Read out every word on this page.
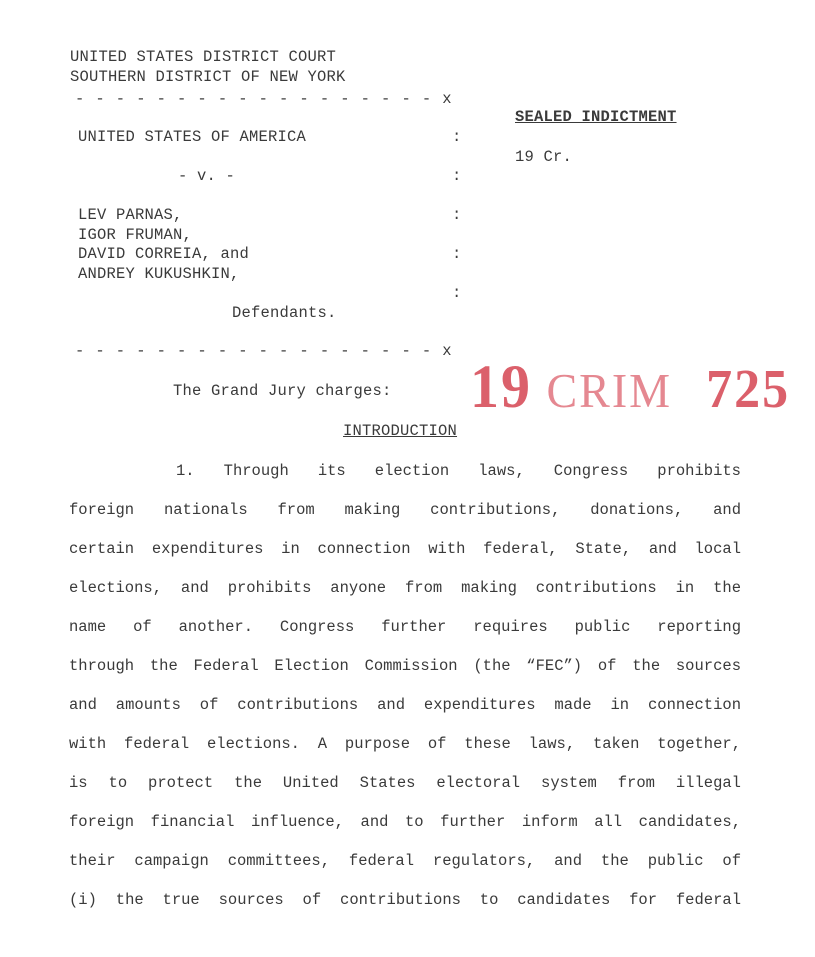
UNITED STATES DISTRICT COURT
SOUTHERN DISTRICT OF NEW YORK
- - - - - - - - - - - - - - - - - - x
UNITED STATES OF AMERICA	:
- v. -	:
LEV PARNAS,	:
IGOR FRUMAN,
DAVID CORREIA, and	:
ANDREY KUKUSHKIN,
:
Defendants.
- - - - - - - - - - - - - - - - - - x
SEALED INDICTMENT
19 Cr.

19 CRIM 725

The Grand Jury charges:
INTRODUCTION
1. Through its election laws, Congress prohibits
foreign nationals from making contributions, donations, and
certain expenditures in connection with federal, State, and local
elections, and prohibits anyone from making contributions in the
name of another. Congress further requires public reporting
through the Federal Election Commission (the “FEC”) of the sources
and amounts of contributions and expenditures made in connection
with federal elections. A purpose of these laws, taken together,
is to protect the United States electoral system from illegal
foreign financial influence, and to further inform all candidates,
their campaign committees, federal regulators, and the public of
(i) the true sources of contributions to candidates for federal
